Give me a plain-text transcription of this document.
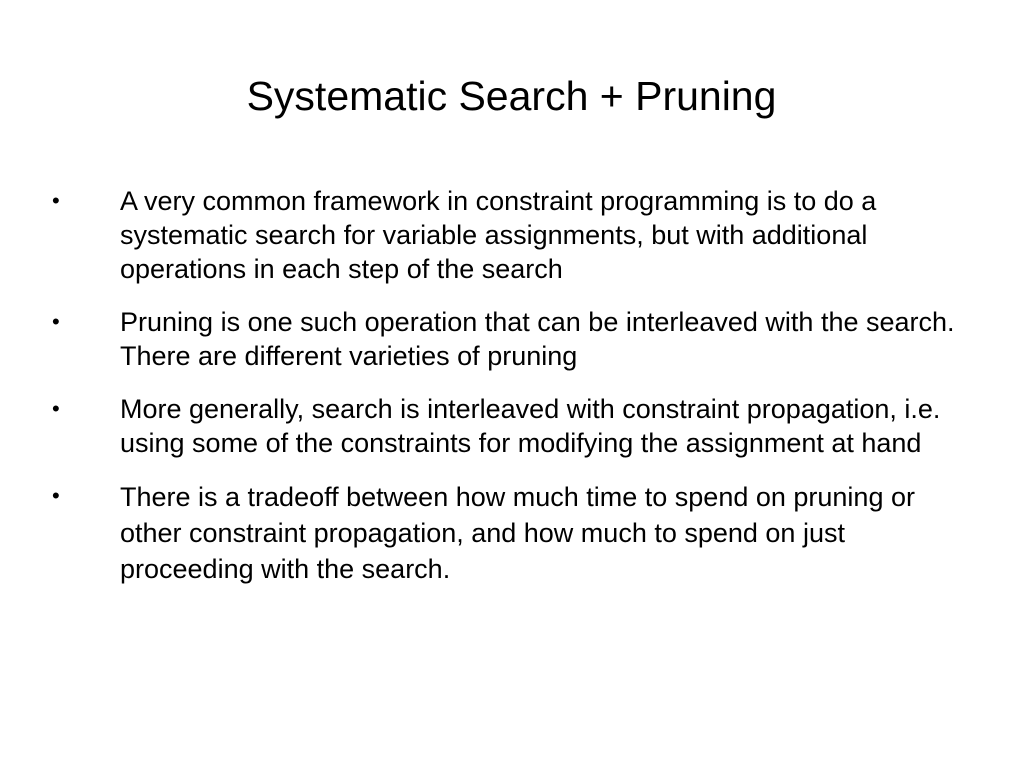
Systematic Search + Pruning
•	A very common framework in constraint programming is to do a systematic search for variable assignments, but with additional operations in each step of the search
•	Pruning is one such operation that can be interleaved with the search. There are different varieties of pruning
•	More generally, search is interleaved with constraint propagation, i.e. using some of the constraints for modifying the assignment at hand
•	There is a tradeoff between how much time to spend on pruning or other constraint propagation, and how much to spend on just proceeding with the search.
